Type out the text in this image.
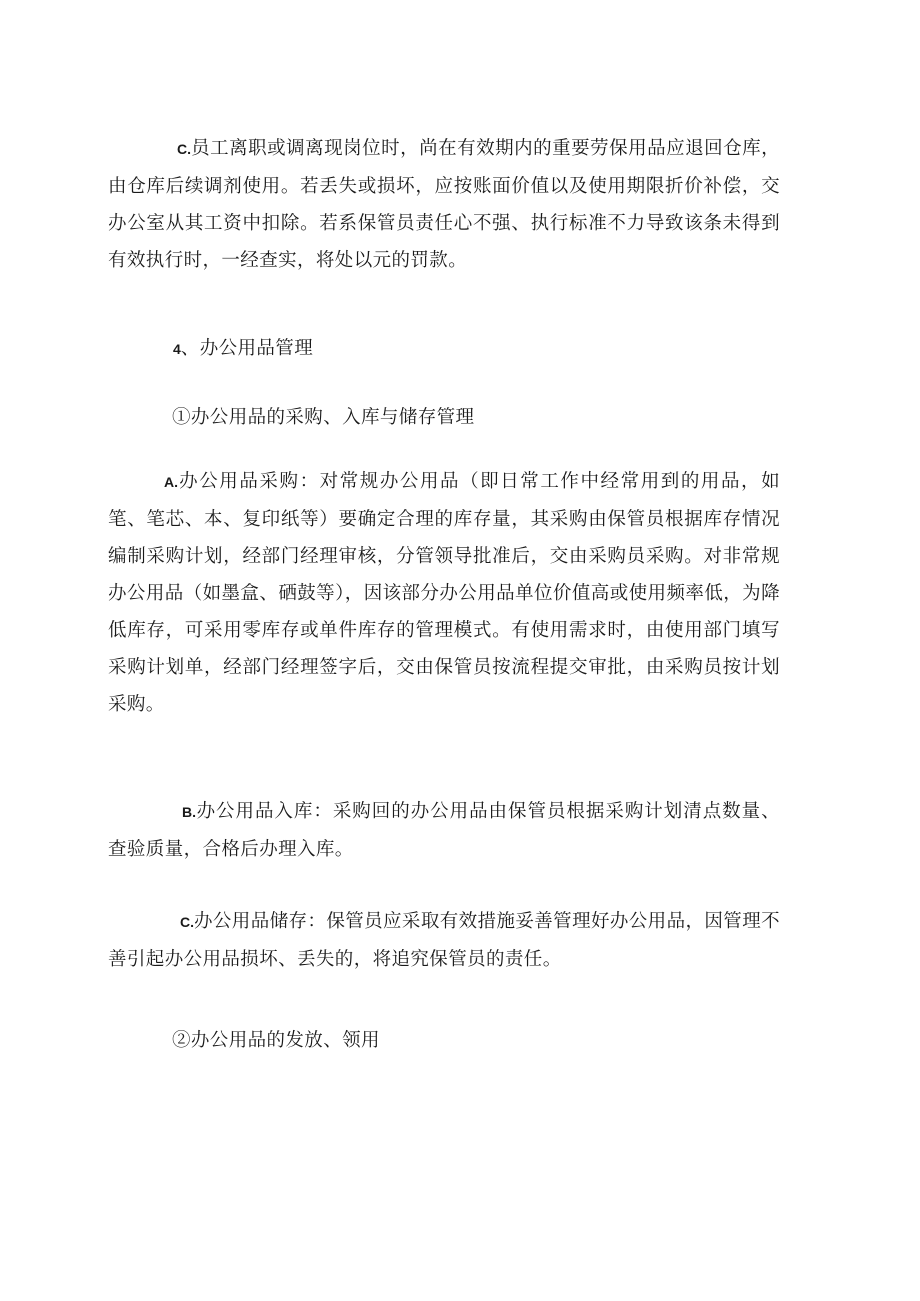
C.员工离职或调离现岗位时，尚在有效期内的重要劳保用品应退回仓库，由仓库后续调剂使用。若丢失或损坏，应按账面价值以及使用期限折价补偿，交办公室从其工资中扣除。若系保管员责任心不强、执行标准不力导致该条未得到有效执行时，一经查实，将处以元的罚款。

4、办公用品管理

①办公用品的采购、入库与储存管理

A.办公用品采购：对常规办公用品（即日常工作中经常用到的用品，如笔、笔芯、本、复印纸等）要确定合理的库存量，其采购由保管员根据库存情况编制采购计划，经部门经理审核，分管领导批准后，交由采购员采购。对非常规办公用品（如墨盒、硒鼓等），因该部分办公用品单位价值高或使用频率低，为降低库存，可采用零库存或单件库存的管理模式。有使用需求时，由使用部门填写采购计划单，经部门经理签字后，交由保管员按流程提交审批，由采购员按计划采购。

B.办公用品入库：采购回的办公用品由保管员根据采购计划清点数量、查验质量，合格后办理入库。

C.办公用品储存：保管员应采取有效措施妥善管理好办公用品，因管理不善引起办公用品损坏、丢失的，将追究保管员的责任。

②办公用品的发放、领用
